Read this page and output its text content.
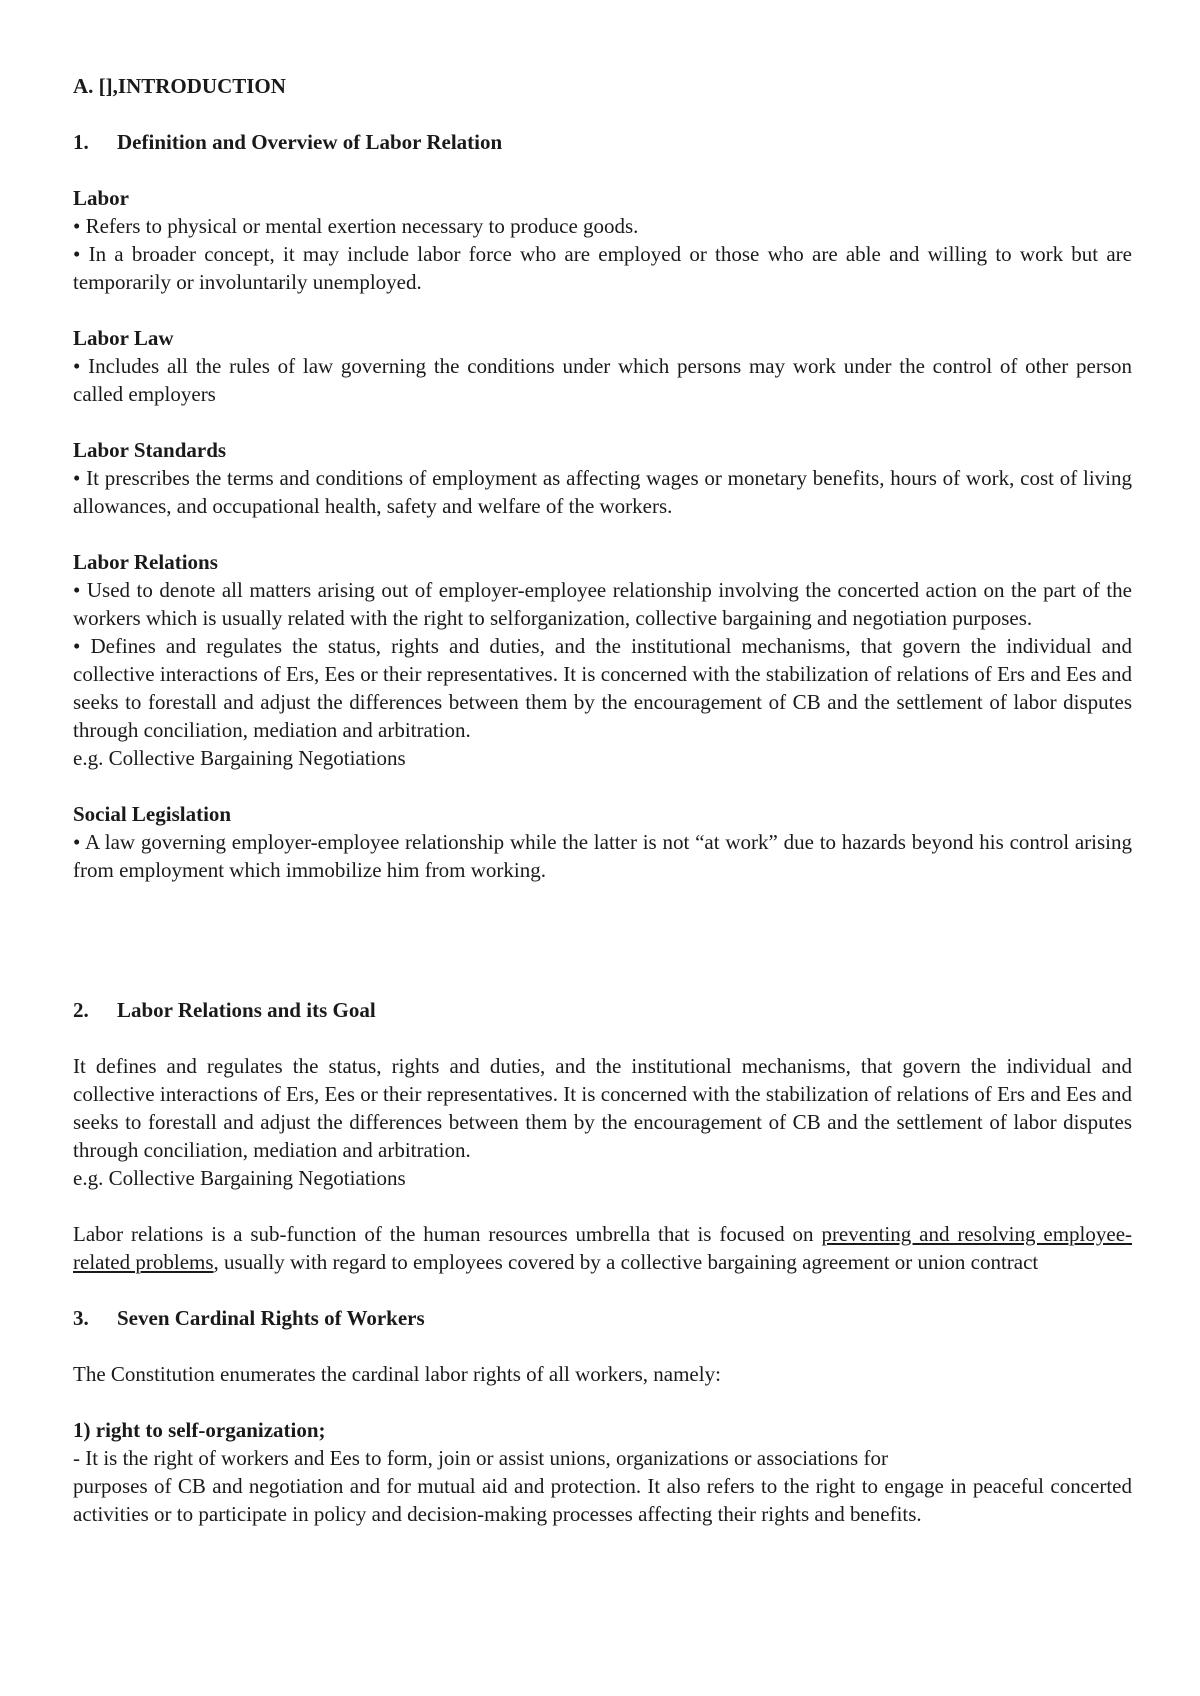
A. [],INTRODUCTION
1.	Definition and Overview of Labor Relation
Labor
• Refers to physical or mental exertion necessary to produce goods.
• In a broader concept, it may include labor force who are employed or those who are able and willing to work but are temporarily or involuntarily unemployed.
Labor Law
• Includes all the rules of law governing the conditions under which persons may work under the control of other person called employers
Labor Standards
• It prescribes the terms and conditions of employment as affecting wages or monetary benefits, hours of work, cost of living allowances, and occupational health, safety and welfare of the workers.
Labor Relations
• Used to denote all matters arising out of employer-employee relationship involving the concerted action on the part of the workers which is usually related with the right to selforganization, collective bargaining and negotiation purposes.
• Defines and regulates the status, rights and duties, and the institutional mechanisms, that govern the individual and collective interactions of Ers, Ees or their representatives. It is concerned with the stabilization of relations of Ers and Ees and seeks to forestall and adjust the differences between them by the encouragement of CB and the settlement of labor disputes through conciliation, mediation and arbitration.
e.g. Collective Bargaining Negotiations
Social Legislation
• A law governing employer-employee relationship while the latter is not “at work” due to hazards beyond his control arising from employment which immobilize him from working.
2.	Labor Relations and its Goal
It defines and regulates the status, rights and duties, and the institutional mechanisms, that govern the individual and collective interactions of Ers, Ees or their representatives. It is concerned with the stabilization of relations of Ers and Ees and seeks to forestall and adjust the differences between them by the encouragement of CB and the settlement of labor disputes through conciliation, mediation and arbitration.
e.g. Collective Bargaining Negotiations
Labor relations is a sub-function of the human resources umbrella that is focused on preventing and resolving employee-related problems, usually with regard to employees covered by a collective bargaining agreement or union contract
3.	Seven Cardinal Rights of Workers
The Constitution enumerates the cardinal labor rights of all workers, namely:
1) right to self-organization;
- It is the right of workers and Ees to form, join or assist unions, organizations or associations for
purposes of CB and negotiation and for mutual aid and protection. It also refers to the right to engage in peaceful concerted activities or to participate in policy and decision-making processes affecting their rights and benefits.
